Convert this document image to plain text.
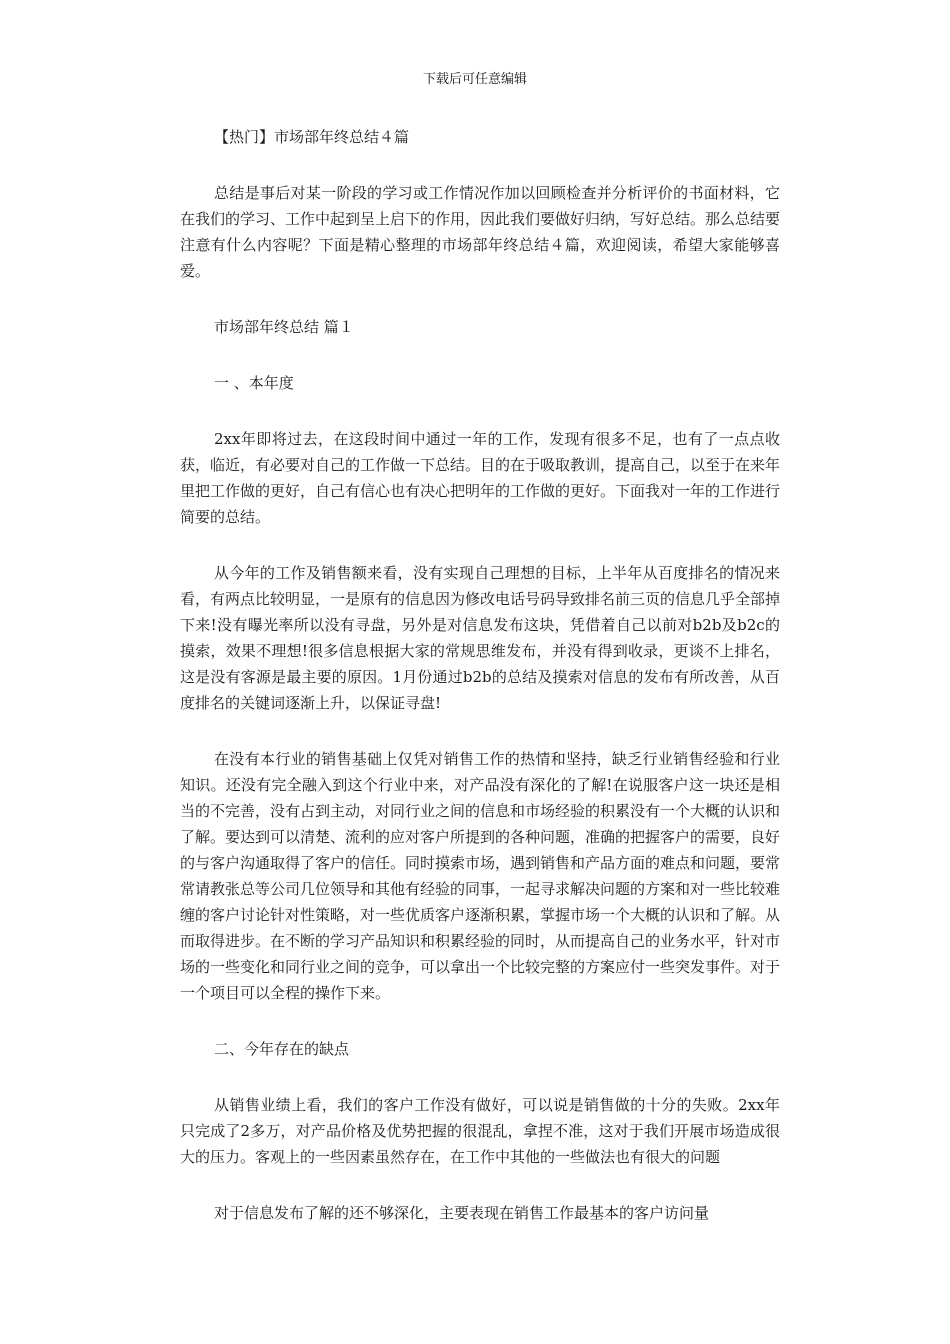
下载后可任意编辑

【热门】市场部年终总结４篇

总结是事后对某一阶段的学习或工作情况作加以回顾检查并分析评价的书面材料，它在我们的学习、工作中起到呈上启下的作用，因此我们要做好归纳，写好总结。那么总结要注意有什么内容呢？下面是精心整理的市场部年终总结４篇，欢迎阅读，希望大家能够喜爱。

市场部年终总结 篇１

一 、本年度

2xx年即将过去，在这段时间中通过一年的工作，发现有很多不足，也有了一点点收获，临近，有必要对自己的工作做一下总结。目的在于吸取教训，提高自己，以至于在来年里把工作做的更好，自己有信心也有决心把明年的工作做的更好。下面我对一年的工作进行简要的总结。

从今年的工作及销售额来看，没有实现自己理想的目标，上半年从百度排名的情况来看，有两点比较明显，一是原有的信息因为修改电话号码导致排名前三页的信息几乎全部掉下来!没有曝光率所以没有寻盘，另外是对信息发布这块，凭借着自己以前对b2b及b2c的摸索，效果不理想!很多信息根据大家的常规思维发布，并没有得到收录，更谈不上排名，这是没有客源是最主要的原因。1月份通过b2b的总结及摸索对信息的发布有所改善，从百度排名的关键词逐渐上升，以保证寻盘!

在没有本行业的销售基础上仅凭对销售工作的热情和坚持，缺乏行业销售经验和行业知识。还没有完全融入到这个行业中来，对产品没有深化的了解!在说服客户这一块还是相当的不完善，没有占到主动，对同行业之间的信息和市场经验的积累没有一个大概的认识和了解。要达到可以清楚、流利的应对客户所提到的各种问题，准确的把握客户的需要，良好的与客户沟通取得了客户的信任。同时摸索市场，遇到销售和产品方面的难点和问题，要常常请教张总等公司几位领导和其他有经验的同事，一起寻求解决问题的方案和对一些比较难缠的客户讨论针对性策略，对一些优质客户逐渐积累，掌握市场一个大概的认识和了解。从而取得进步。在不断的学习产品知识和积累经验的同时，从而提高自己的业务水平，针对市场的一些变化和同行业之间的竞争，可以拿出一个比较完整的方案应付一些突发事件。对于一个项目可以全程的操作下来。

二、今年存在的缺点

从销售业绩上看，我们的客户工作没有做好，可以说是销售做的十分的失败。2xx年只完成了2多万，对产品价格及优势把握的很混乱，拿捏不准，这对于我们开展市场造成很大的压力。客观上的一些因素虽然存在，在工作中其他的一些做法也有很大的问题

对于信息发布了解的还不够深化，主要表现在销售工作最基本的客户访问量
